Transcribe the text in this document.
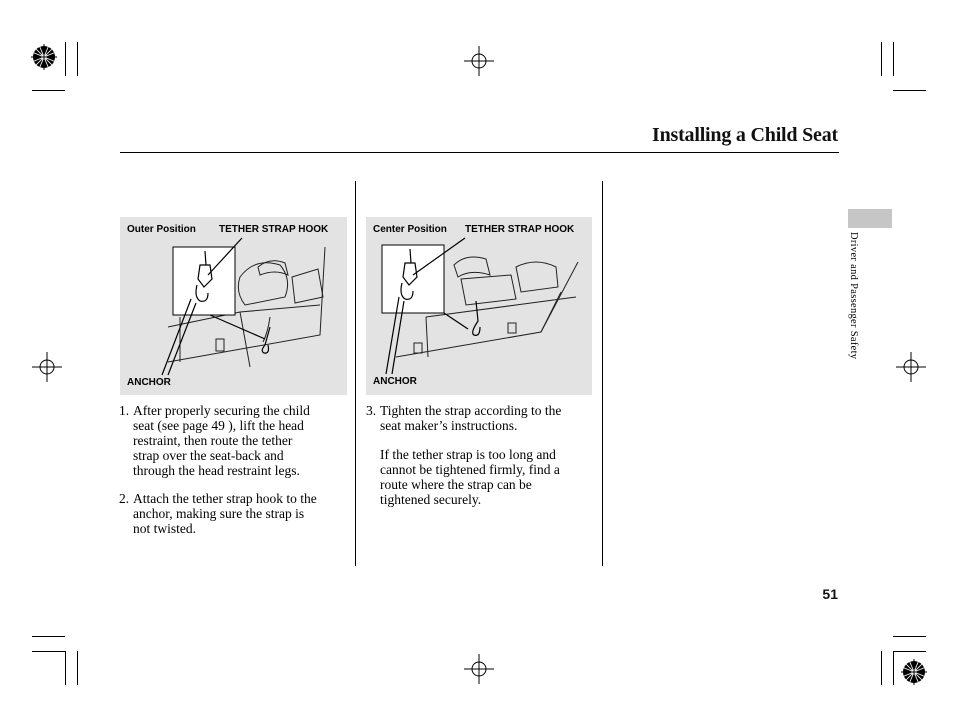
Installing a Child Seat
Outer Position TETHER STRAP HOOK
ANCHOR
Center Position TETHER STRAP HOOK
ANCHOR
1. After properly securing the child
seat (see page 49 ), lift the head
restraint, then route the tether
strap over the seat-back and
through the head restraint legs.
2. Attach the tether strap hook to the
anchor, making sure the strap is
not twisted.
3. Tighten the strap according to the
seat maker’s instructions.
If the tether strap is too long and
cannot be tightened firmly, find a
route where the strap can be
tightened securely.
Driver and Passenger Safety
51
